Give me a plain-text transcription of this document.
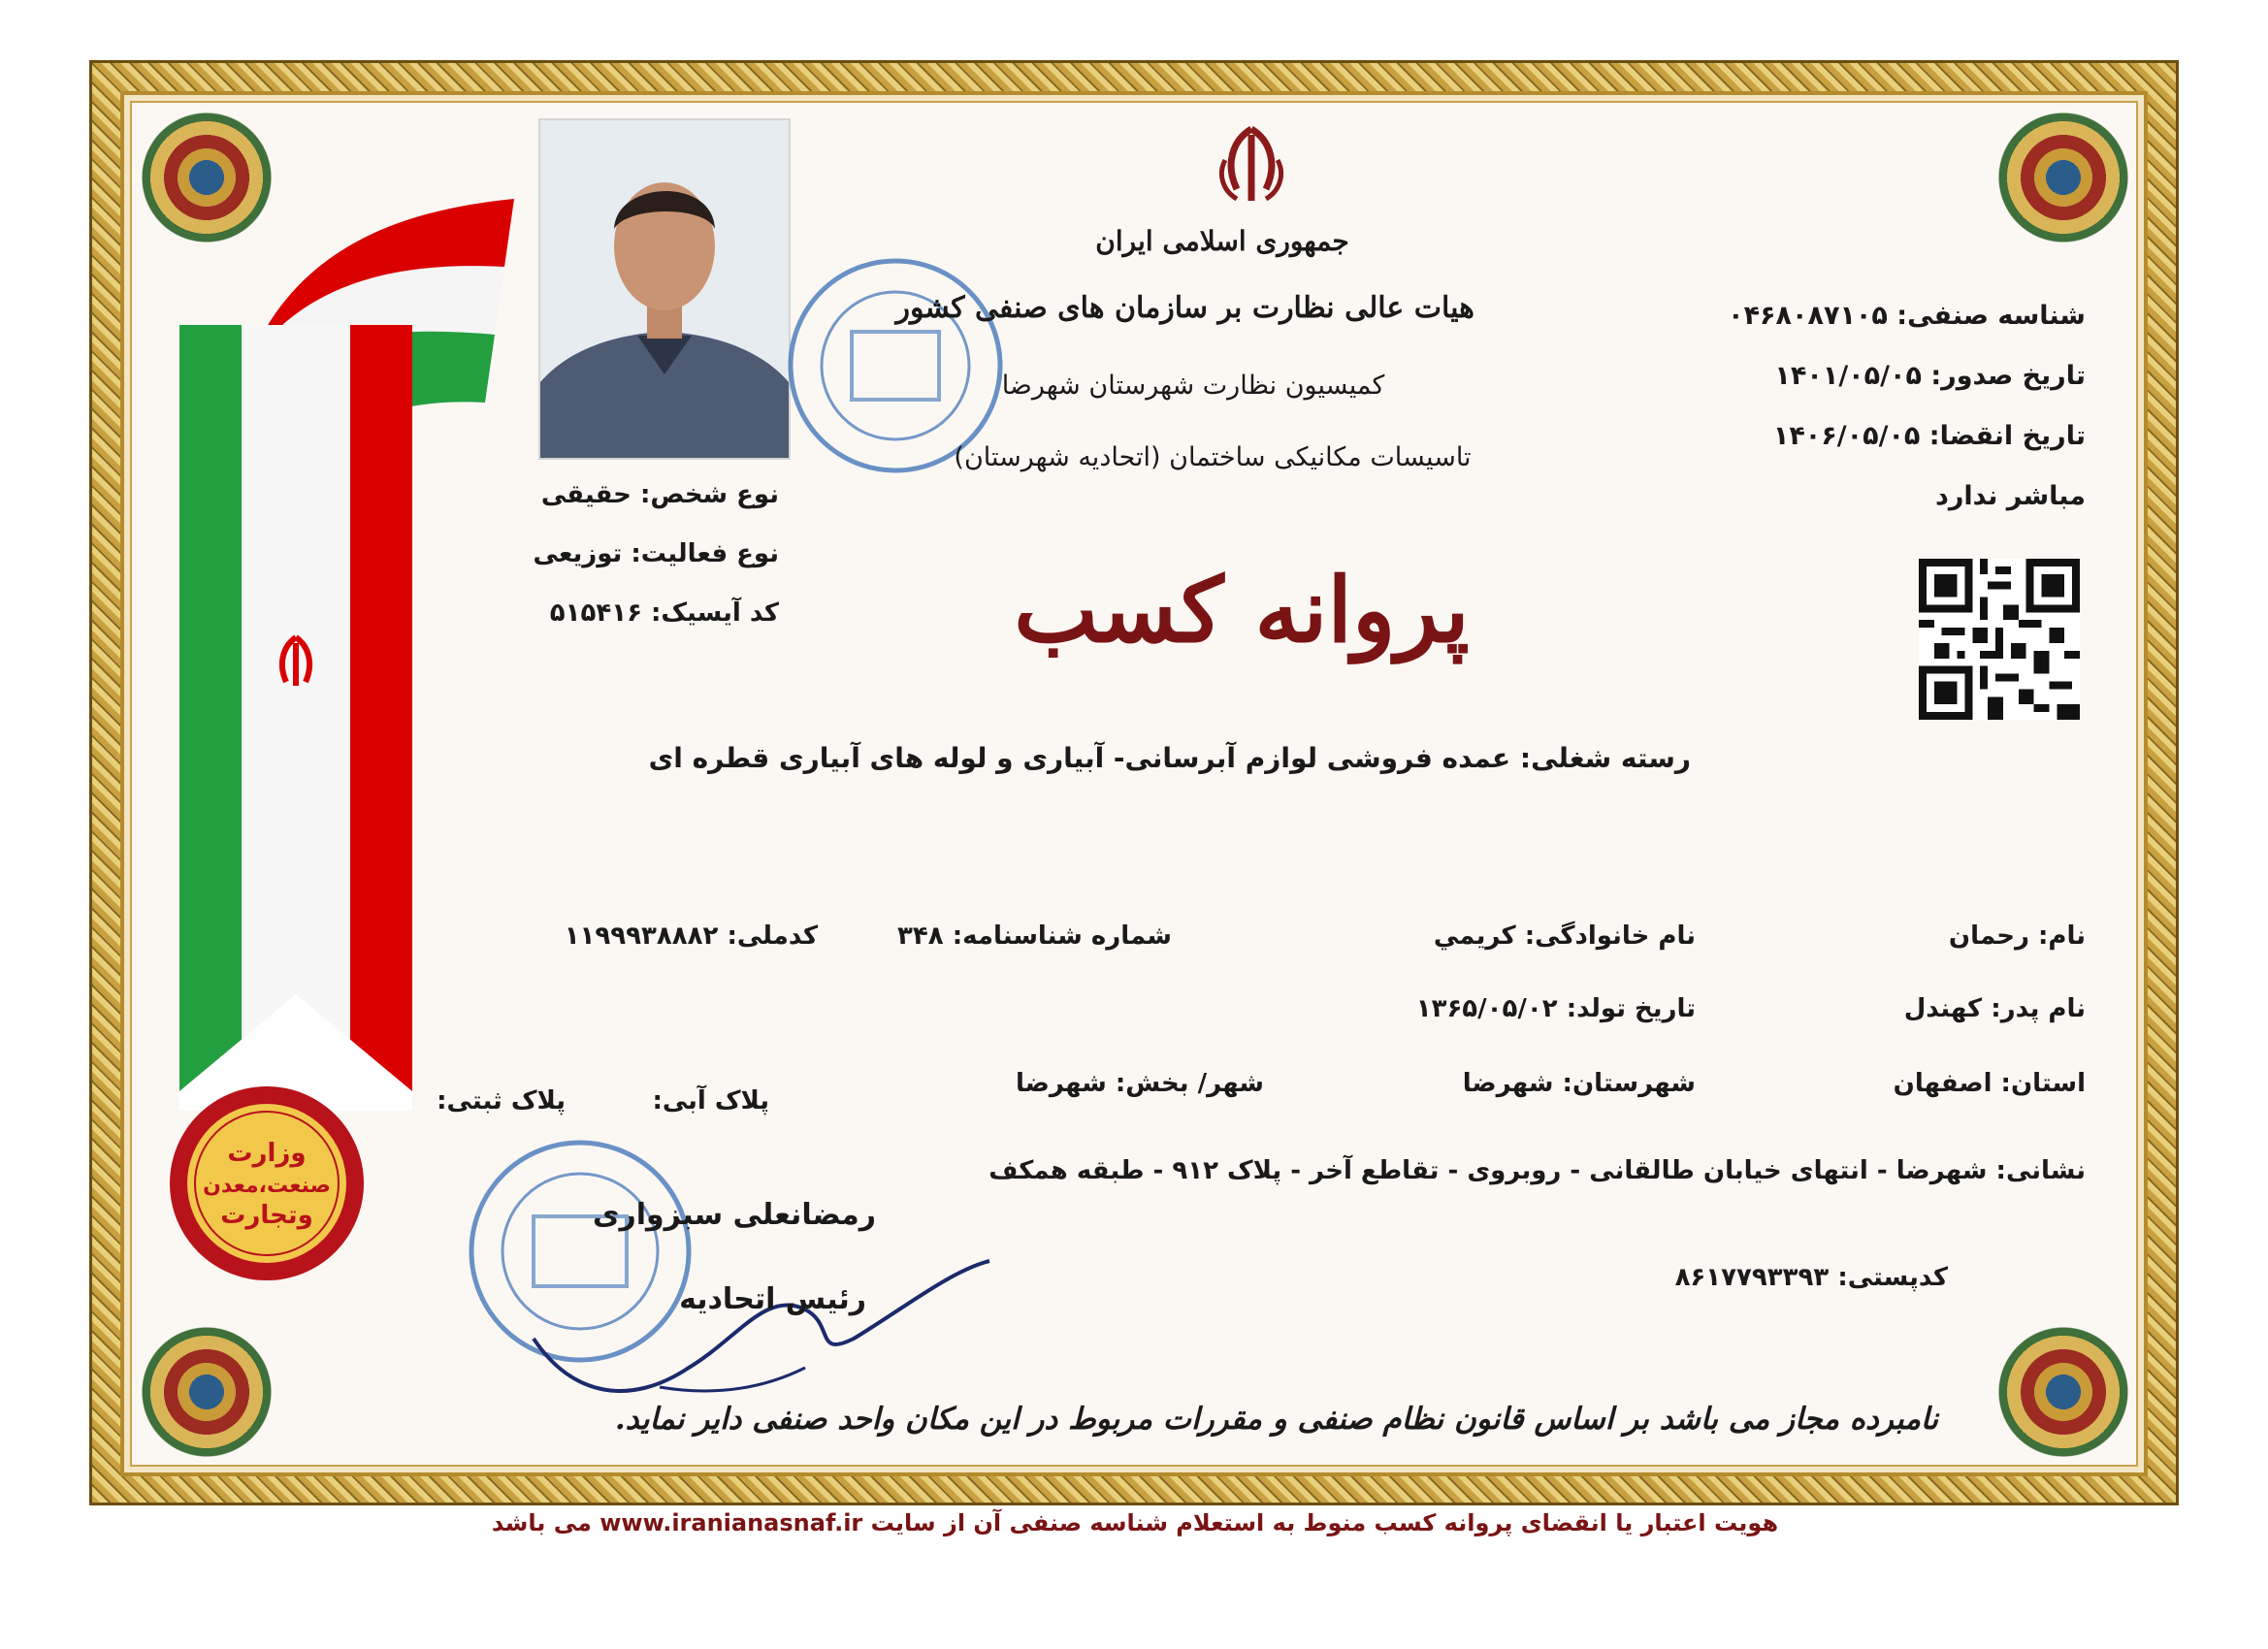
وزارت
صنعت،معدن
وتجارت
جمهوری اسلامی ایران
هیات عالی نظارت بر سازمان های صنفی کشور
کمیسیون نظارت شهرستان شهرضا
تاسیسات مکانیکی ساختمان (اتحادیه شهرستان)
شناسه صنفی: ۰۴۶۸۰۸۷۱۰۵
تاریخ صدور: ۱۴۰۱/۰۵/۰۵
تاریخ انقضا: ۱۴۰۶/۰۵/۰۵
مباشر ندارد
نوع شخص: حقیقی
نوع فعالیت: توزیعی
کد آیسیک: ۵۱۵۴۱۶	پروانه کسب
رسته شغلی: عمده فروشی لوازم آبرسانی- آبیاری و لوله های آبیاری قطره ای
نام: رحمان
نام خانوادگی: کریمي
شماره شناسنامه: ۳۴۸
کدملی: ۱۱۹۹۹۳۸۸۸۲
نام پدر: کهندل
تاریخ تولد: ۱۳۶۵/۰۵/۰۲
استان: اصفهان
شهرستان: شهرضا
شهر/ بخش: شهرضا
پلاک آبی:
پلاک ثبتی:
نشانی: شهرضا - انتهای خیابان طالقانی - روبروی - تقاطع آخر - پلاک ۹۱۲ - طبقه همکف
رمضانعلی سبزواری
رئیس اتحادیه
کدپستی: ۸۶۱۷۷۹۳۳۹۳
نامبرده مجاز می باشد بر اساس قانون نظام صنفی و مقررات مربوط در این مکان واحد صنفی دایر نماید.
هویت اعتبار یا انقضای پروانه کسب منوط به استعلام شناسه صنفی آن از سایت www.iranianasnaf.ir می باشد
